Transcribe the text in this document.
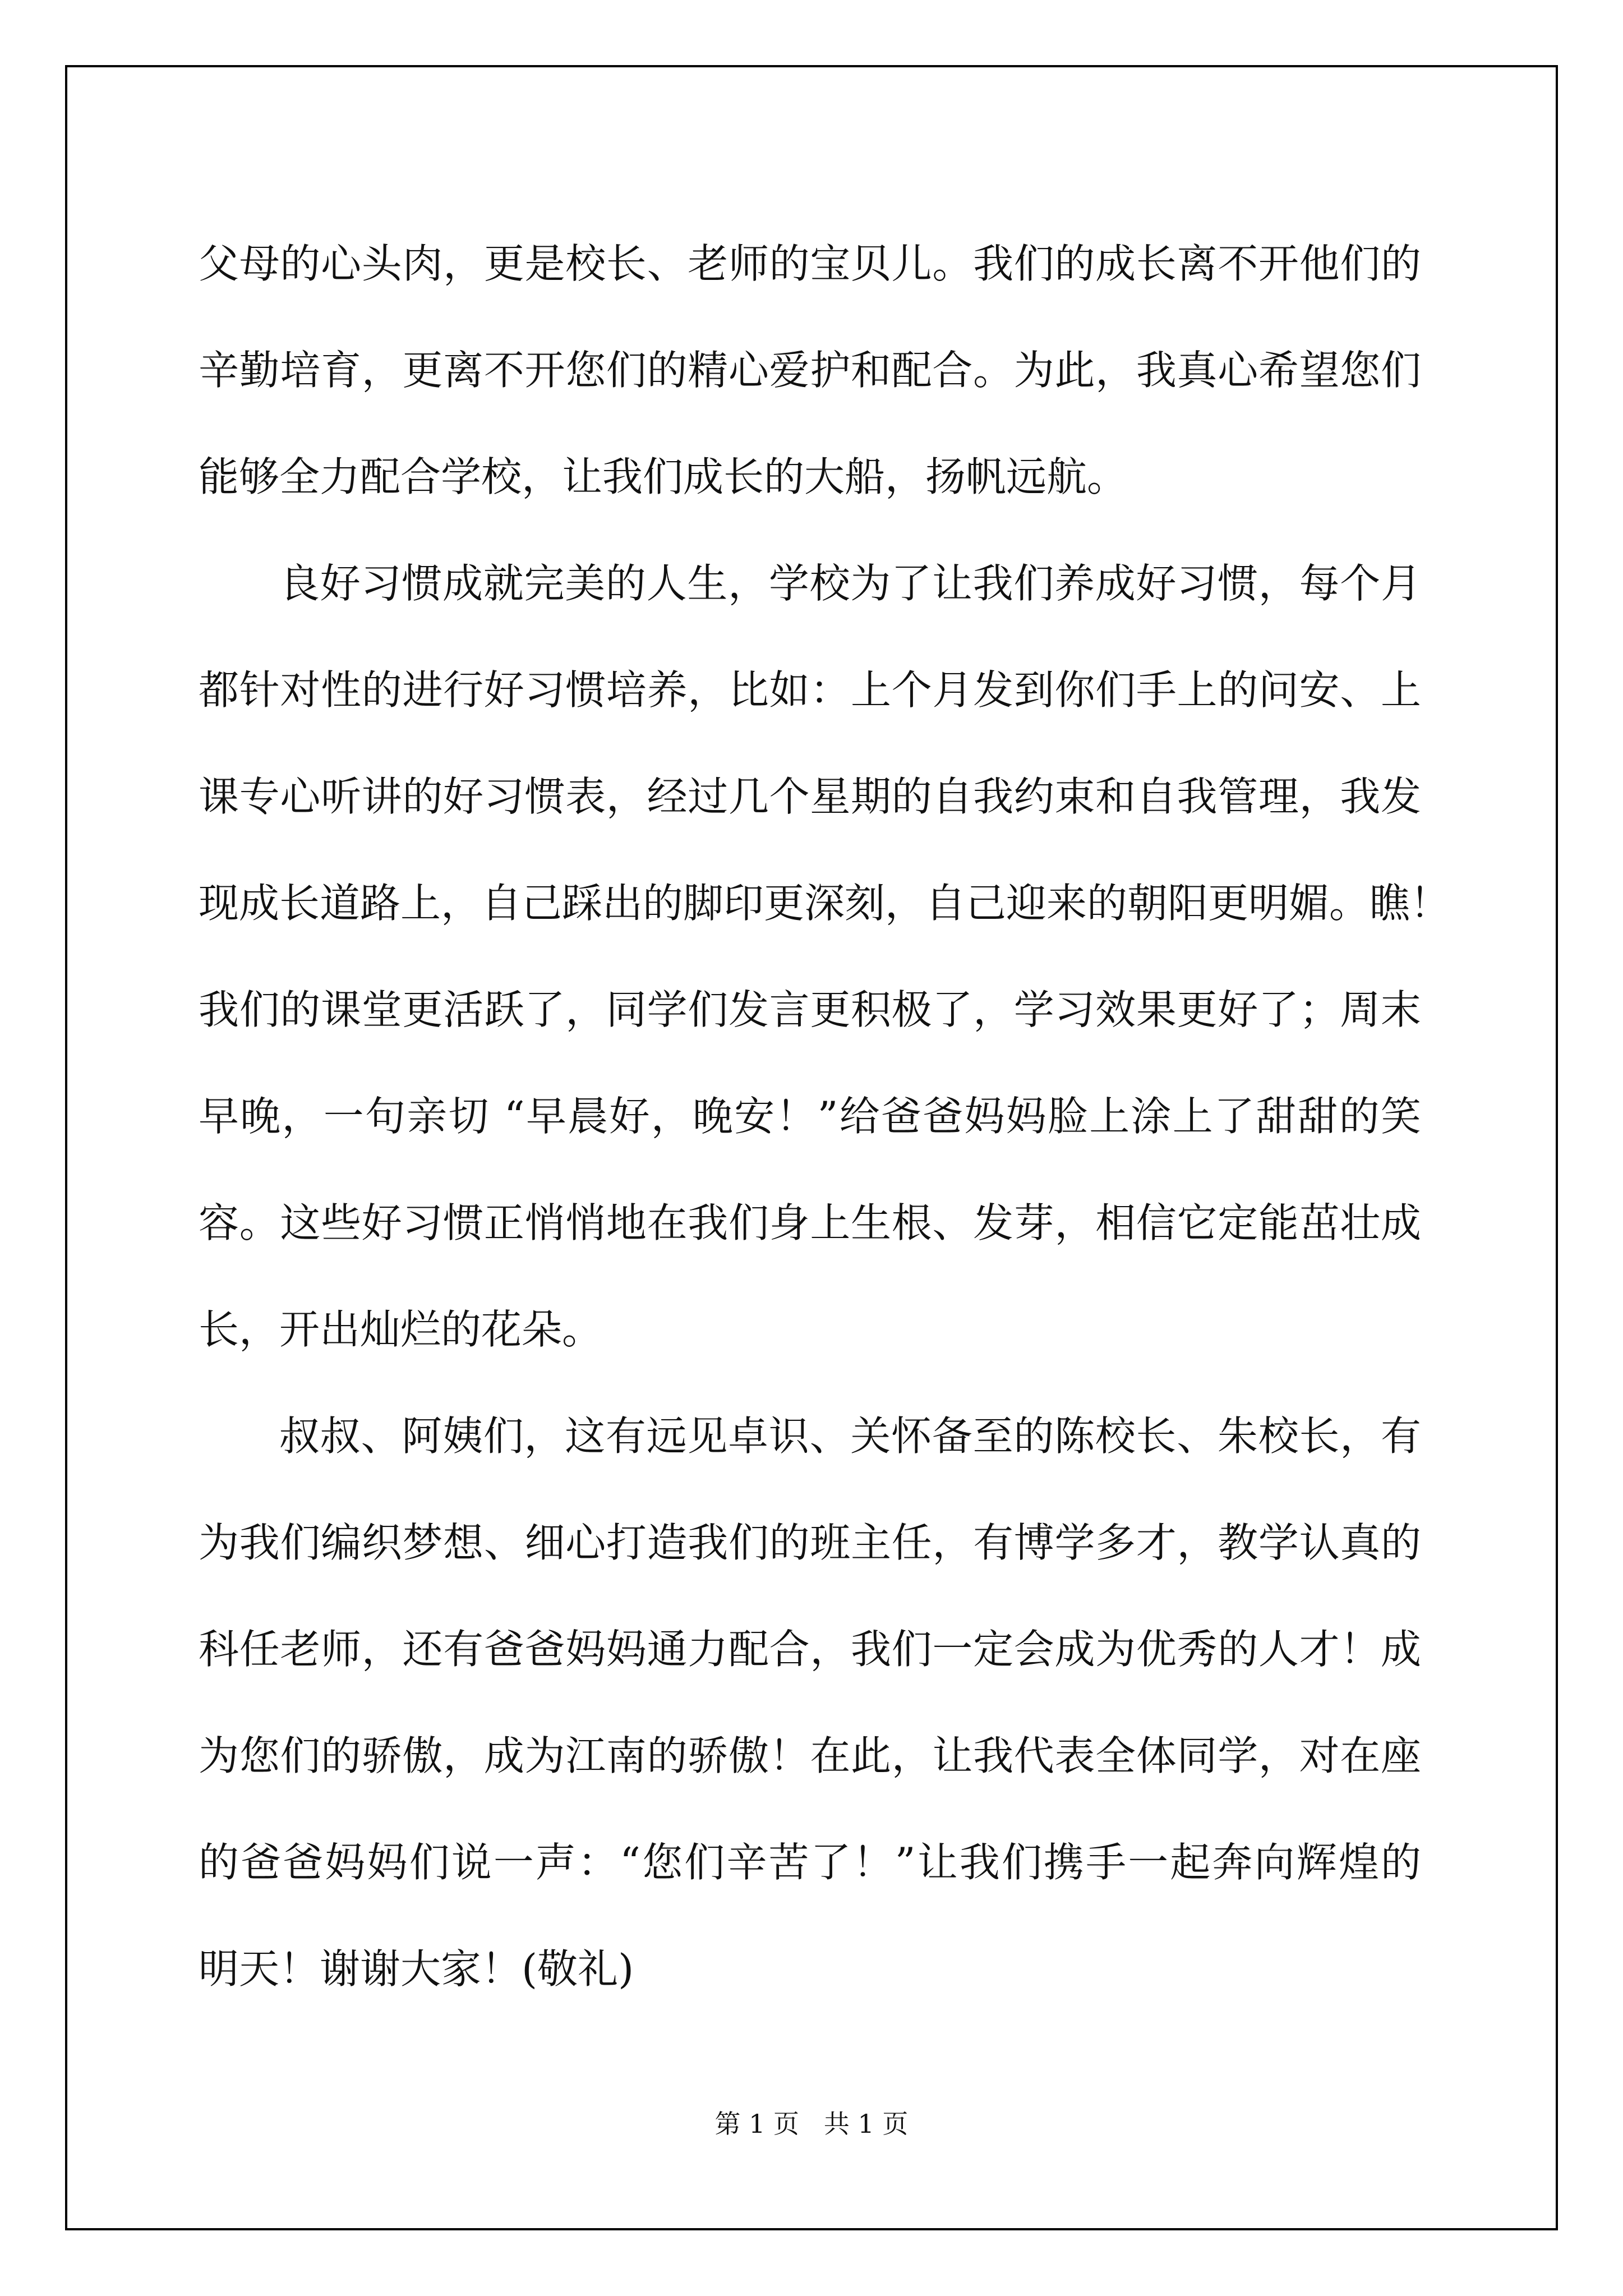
父母的心头肉，更是校长、老师的宝贝儿。我们的成长离不开他们的
辛勤培育，更离不开您们的精心爱护和配合。为此，我真心希望您们
能够全力配合学校，让我们成长的大船，扬帆远航。
良好习惯成就完美的人生，学校为了让我们养成好习惯，每个月
都针对性的进行好习惯培养，比如：上个月发到你们手上的问安、上
课专心听讲的好习惯表，经过几个星期的自我约束和自我管理，我发
现成长道路上，自己踩出的脚印更深刻，自己迎来的朝阳更明媚。瞧！
我们的课堂更活跃了，同学们发言更积极了，学习效果更好了；周末
早晚，一句亲切 “早晨好，晚安！”给爸爸妈妈脸上涂上了甜甜的笑
容。这些好习惯正悄悄地在我们身上生根、发芽，相信它定能茁壮成
长，开出灿烂的花朵。
叔叔、阿姨们，这有远见卓识、关怀备至的陈校长、朱校长，有
为我们编织梦想、细心打造我们的班主任，有博学多才，教学认真的
科任老师，还有爸爸妈妈通力配合，我们一定会成为优秀的人才！成
为您们的骄傲，成为江南的骄傲！在此，让我代表全体同学，对在座
的爸爸妈妈们说一声：“您们辛苦了！”让我们携手一起奔向辉煌的
明天！谢谢大家！(敬礼)
第 1 页   共 1 页
